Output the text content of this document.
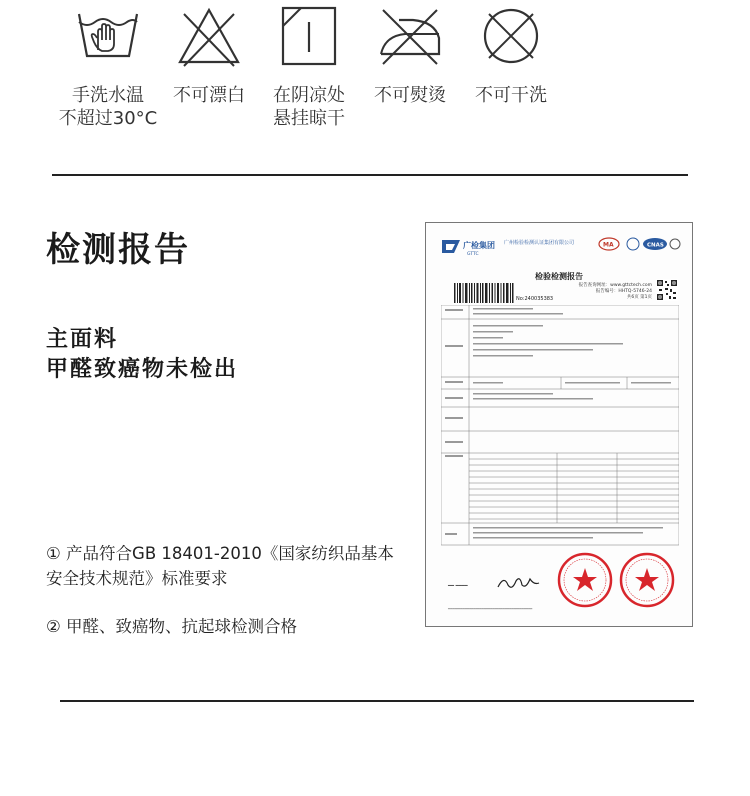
手洗水温
不超过30°C
不可漂白	在阴凉处
悬挂晾干
不可熨烫	不可干洗
检测报告
主面料
甲醛致癌物未检出
① 产品符合GB 18401-2010《国家纺织品基本安全技术规范》标准要求
② 甲醛、致癌物、抗起球检测合格
广检集团
GTTC
广州检验检测认证集团有限公司	MA	CNAS
检验检测报告
No:240035383
报告查询网址：www.gttctech.com
报告编号：HHTQ-5746-24
共6页 第1页
━━ ━━━━
━━━━━━━━━━━━━━━━━━━━━━━━━━━━━━━━━━━━━━━━
